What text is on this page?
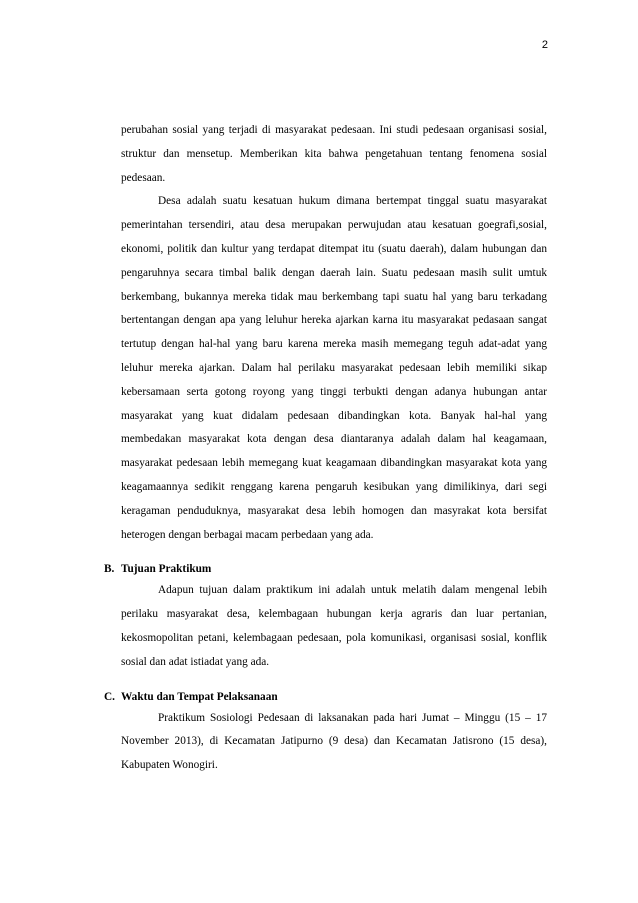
2

perubahan sosial yang terjadi di masyarakat pedesaan. Ini studi pedesaan organisasi sosial, struktur dan mensetup. Memberikan kita bahwa pengetahuan tentang fenomena sosial pedesaan.

Desa adalah suatu kesatuan hukum dimana bertempat tinggal suatu masyarakat pemerintahan tersendiri, atau desa merupakan perwujudan atau kesatuan goegrafi,sosial, ekonomi, politik dan kultur yang terdapat ditempat itu (suatu daerah), dalam hubungan dan pengaruhnya secara timbal balik dengan daerah lain. Suatu pedesaan masih sulit umtuk berkembang, bukannya mereka tidak mau berkembang tapi suatu hal yang baru terkadang bertentangan dengan apa yang leluhur hereka ajarkan karna itu masyarakat pedasaan sangat tertutup dengan hal-hal yang baru karena mereka masih memegang teguh adat-adat yang leluhur mereka ajarkan. Dalam hal perilaku masyarakat pedesaan lebih memiliki sikap kebersamaan serta gotong royong yang tinggi terbukti dengan adanya hubungan antar masyarakat yang kuat didalam pedesaan dibandingkan kota. Banyak hal-hal yang membedakan masyarakat kota dengan desa diantaranya adalah dalam hal keagamaan, masyarakat pedesaan lebih memegang kuat keagamaan dibandingkan masyarakat kota yang keagamaannya sedikit renggang karena pengaruh kesibukan yang dimilikinya, dari segi keragaman penduduknya, masyarakat desa lebih homogen dan masyrakat kota bersifat heterogen dengan berbagai macam perbedaan yang ada.

B. Tujuan Praktikum

Adapun tujuan dalam praktikum ini adalah untuk melatih dalam mengenal lebih perilaku masyarakat desa, kelembagaan hubungan kerja agraris dan luar pertanian, kekosmopolitan petani, kelembagaan pedesaan, pola komunikasi, organisasi sosial, konflik sosial dan adat istiadat yang ada.

C. Waktu dan Tempat Pelaksanaan

Praktikum Sosiologi Pedesaan di laksanakan pada hari Jumat – Minggu (15 – 17 November 2013), di Kecamatan Jatipurno (9 desa) dan Kecamatan Jatisrono (15 desa), Kabupaten Wonogiri.
